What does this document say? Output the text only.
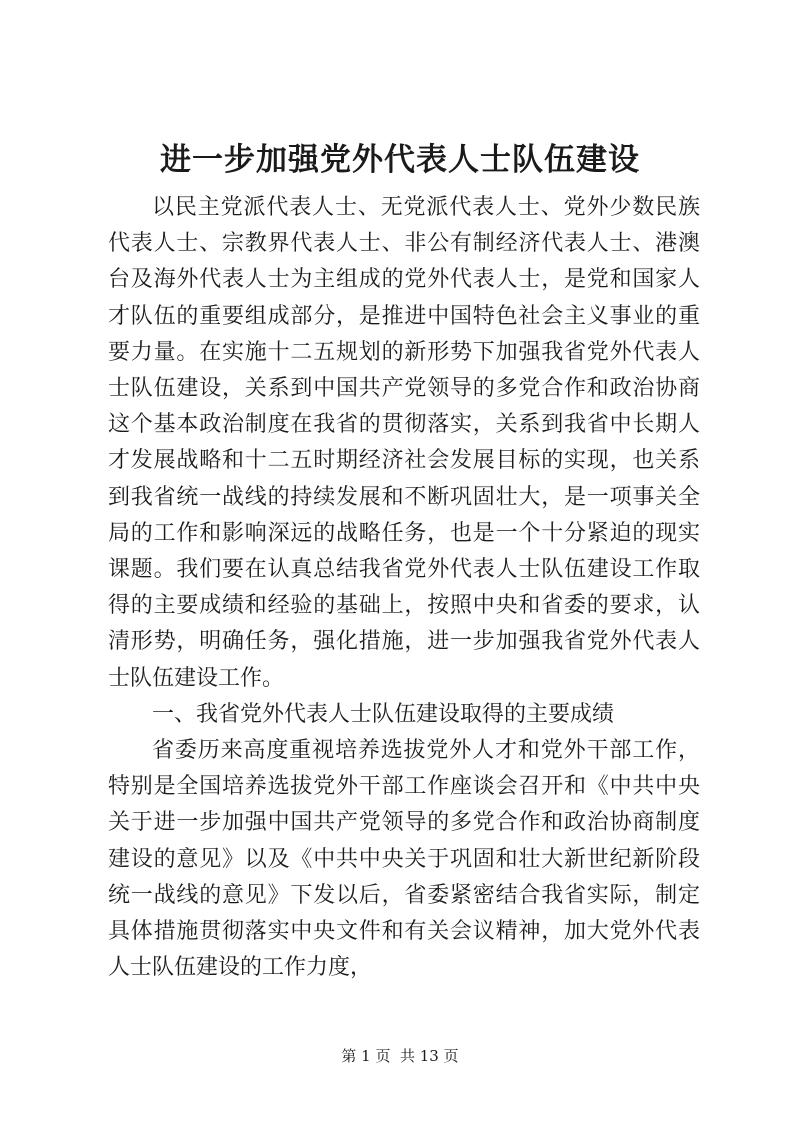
进一步加强党外代表人士队伍建设

以民主党派代表人士、无党派代表人士、党外少数民族代表人士、宗教界代表人士、非公有制经济代表人士、港澳台及海外代表人士为主组成的党外代表人士，是党和国家人才队伍的重要组成部分，是推进中国特色社会主义事业的重要力量。在实施十二五规划的新形势下加强我省党外代表人士队伍建设，关系到中国共产党领导的多党合作和政治协商这个基本政治制度在我省的贯彻落实，关系到我省中长期人才发展战略和十二五时期经济社会发展目标的实现，也关系到我省统一战线的持续发展和不断巩固壮大，是一项事关全局的工作和影响深远的战略任务，也是一个十分紧迫的现实课题。我们要在认真总结我省党外代表人士队伍建设工作取得的主要成绩和经验的基础上，按照中央和省委的要求，认清形势，明确任务，强化措施，进一步加强我省党外代表人士队伍建设工作。

一、我省党外代表人士队伍建设取得的主要成绩

省委历来高度重视培养选拔党外人才和党外干部工作，特别是全国培养选拔党外干部工作座谈会召开和《中共中央关于进一步加强中国共产党领导的多党合作和政治协商制度建设的意见》以及《中共中央关于巩固和壮大新世纪新阶段统一战线的意见》下发以后，省委紧密结合我省实际，制定具体措施贯彻落实中央文件和有关会议精神，加大党外代表人士队伍建设的工作力度，

第 1 页  共 13 页
